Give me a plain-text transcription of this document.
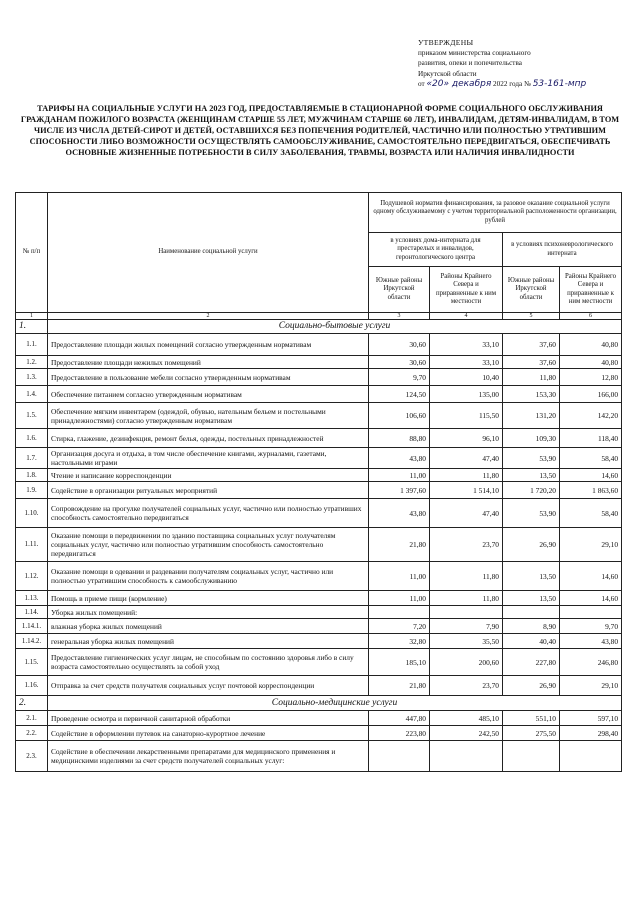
УТВЕРЖДЕНЫ
приказом министерства социального
развития, опеки и попечительства
Иркутской области
от «20» декабря 2022 года № 53-161-мпр
ТАРИФЫ НА СОЦИАЛЬНЫЕ УСЛУГИ НА 2023 ГОД, ПРЕДОСТАВЛЯЕМЫЕ В СТАЦИОНАРНОЙ ФОРМЕ СОЦИАЛЬНОГО ОБСЛУЖИВАНИЯ ГРАЖДАНАМ ПОЖИЛОГО ВОЗРАСТА (ЖЕНЩИНАМ СТАРШЕ 55 ЛЕТ, МУЖЧИНАМ СТАРШЕ 60 ЛЕТ), ИНВАЛИДАМ, ДЕТЯМ-ИНВАЛИДАМ, В ТОМ ЧИСЛЕ ИЗ ЧИСЛА ДЕТЕЙ-СИРОТ И ДЕТЕЙ, ОСТАВШИХСЯ БЕЗ ПОПЕЧЕНИЯ РОДИТЕЛЕЙ, ЧАСТИЧНО ИЛИ ПОЛНОСТЬЮ УТРАТИВШИМ СПОСОБНОСТИ ЛИБО ВОЗМОЖНОСТИ ОСУЩЕСТВЛЯТЬ САМООБСЛУЖИВАНИЕ, САМОСТОЯТЕЛЬНО ПЕРЕДВИГАТЬСЯ, ОБЕСПЕЧИВАТЬ ОСНОВНЫЕ ЖИЗНЕННЫЕ ПОТРЕБНОСТИ В СИЛУ ЗАБОЛЕВАНИЯ, ТРАВМЫ, ВОЗРАСТА ИЛИ НАЛИЧИЯ ИНВАЛИДНОСТИ
№ п/п	Наименование социальной услуги	Подушевой норматив финансирования, за разовое оказание социальной услуги одному обслуживаемому с учетом территориальной расположенности организации, рублей			
		в условиях дома-интерната для престарелых и инвалидов, геронтологического центра		в условиях психоневрологического интерната	
		Южные районы Иркутской области	Районы Крайнего Севера и приравненные к ним местности	Южные районы Иркутской области	Районы Крайнего Севера и приравненные к ним местности
1	2	3	4	5	6
1.	Социально-бытовые услуги				
1.1.	Предоставление площади жилых помещений согласно утвержденным нормативам	30,60	33,10	37,60	40,80
1.2.	Предоставление площади нежилых помещений	30,60	33,10	37,60	40,80
1.3.	Предоставление в пользование мебели согласно утвержденным нормативам	9,70	10,40	11,80	12,80
1.4.	Обеспечение питанием согласно утвержденным нормативам	124,50	135,00	153,30	166,00
1.5.	Обеспечение мягким инвентарем (одеждой, обувью, нательным бельем и постельными принадлежностями) согласно утвержденным нормативам	106,60	115,50	131,20	142,20
1.6.	Стирка, глажение, дезинфекция, ремонт белья, одежды, постельных принадлежностей	88,80	96,10	109,30	118,40
1.7.	Организация досуга и отдыха, в том числе обеспечение книгами, журналами, газетами, настольными играми	43,80	47,40	53,90	58,40
1.8.	Чтение и написание корреспонденции	11,00	11,80	13,50	14,60
1.9.	Содействие в организации ритуальных мероприятий	1 397,60	1 514,10	1 720,20	1 863,60
1.10.	Сопровождение на прогулке получателей социальных услуг, частично или полностью утративших способность самостоятельно передвигаться	43,80	47,40	53,90	58,40
1.11.	Оказание помощи в передвижении по зданию поставщика социальных услуг получателям социальных услуг, частично или полностью утратившим способность самостоятельно передвигаться	21,80	23,70	26,90	29,10
1.12.	Оказание помощи в одевании и раздевании получателям социальных услуг, частично или полностью утратившим способность к самообслуживанию	11,00	11,80	13,50	14,60
1.13.	Помощь в приеме пищи (кормление)	11,00	11,80	13,50	14,60
1.14.	Уборка жилых помещений:				
1.14.1.	влажная уборка жилых помещений	7,20	7,90	8,90	9,70
1.14.2.	генеральная уборка жилых помещений	32,80	35,50	40,40	43,80
1.15.	Предоставление гигиенических услуг лицам, не способным по состоянию здоровья либо в силу возраста самостоятельно осуществлять за собой уход	185,10	200,60	227,80	246,80
1.16.	Отправка за счет средств получателя социальных услуг почтовой корреспонденции	21,80	23,70	26,90	29,10
2.	Социально-медицинские услуги				
2.1.	Проведение осмотра и первичной санитарной обработки	447,80	485,10	551,10	597,10
2.2.	Содействие в оформлении путевок на санаторно-курортное лечение	223,80	242,50	275,50	298,40
2.3.	Содействие в обеспечении лекарственными препаратами для медицинского применения и медицинскими изделиями за счет средств получателей социальных услуг:				
